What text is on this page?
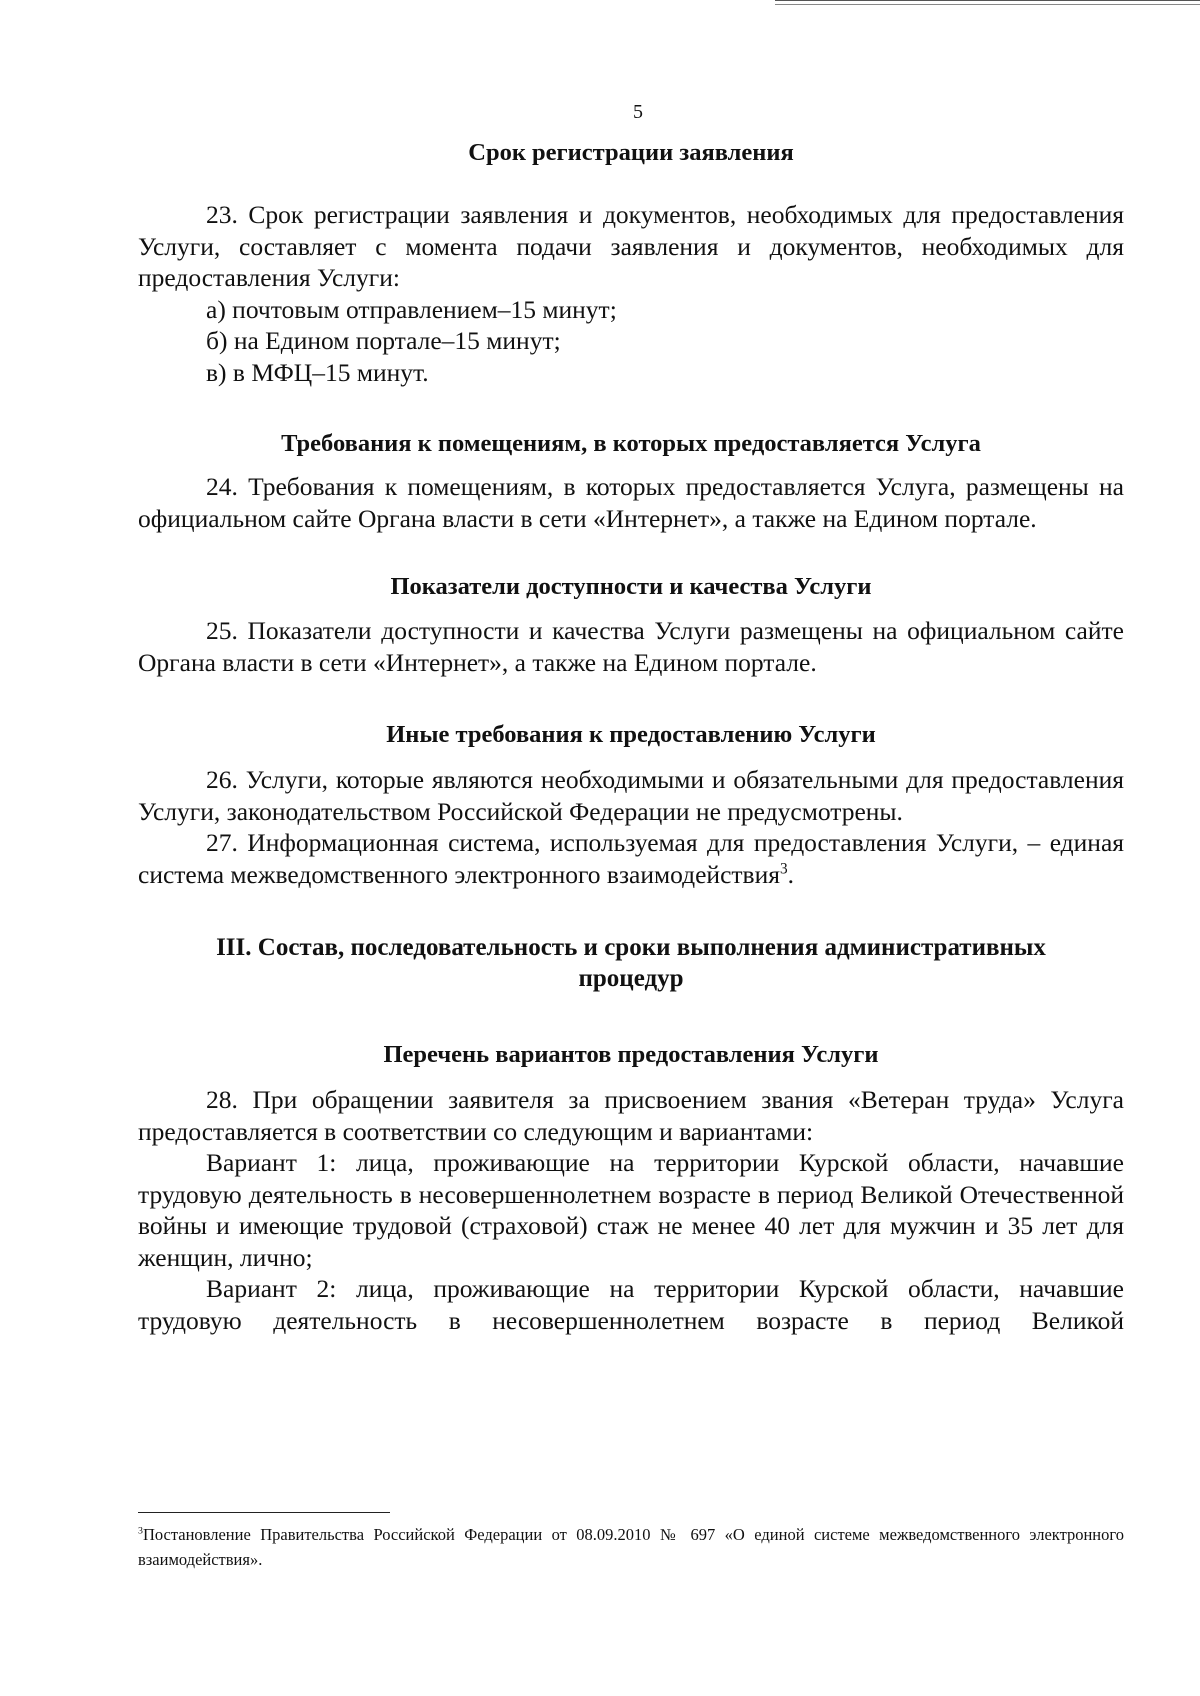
5
Срок регистрации заявления

23. Срок регистрации заявления и документов, необходимых для предоставления Услуги, составляет с момента подачи заявления и документов, необходимых для предоставления Услуги:

а) почтовым отправлением–15 минут;

б) на Едином портале–15 минут;

в) в МФЦ–15 минут.

Требования к помещениям, в которых предоставляется Услуга

24. Требования к помещениям, в которых предоставляется Услуга, размещены на официальном сайте Органа власти в сети «Интернет», а также на Едином портале.

Показатели доступности и качества Услуги

25. Показатели доступности и качества Услуги размещены на официальном сайте Органа власти в сети «Интернет», а также на Едином портале.

Иные требования к предоставлению Услуги

26. Услуги, которые являются необходимыми и обязательными для предоставления Услуги, законодательством Российской Федерации не предусмотрены.

27. Информационная система, используемая для предоставления Услуги, – единая система межведомственного электронного взаимодействия$^3$.

III. Состав, последовательность и сроки выполнения административных
процедур
Перечень вариантов предоставления Услуги

28. При обращении заявителя за присвоением звания «Ветеран труда» Услуга предоставляется в соответствии со следующим и вариантами:

Вариант 1: лица, проживающие на территории Курской области, начавшие трудовую деятельность в несовершеннолетнем возрасте в период Великой Отечественной войны и имеющие трудовой (страховой) стаж не менее 40 лет для мужчин и 35 лет для женщин, лично;

Вариант 2: лица, проживающие на территории Курской области, начавшие трудовую деятельность в несовершеннолетнем возрасте в период Великой

$^3$Постановление Правительства Российской Федерации от 08.09.2010 № 697 «О единой системе межведомственного электронного взаимодействия».
